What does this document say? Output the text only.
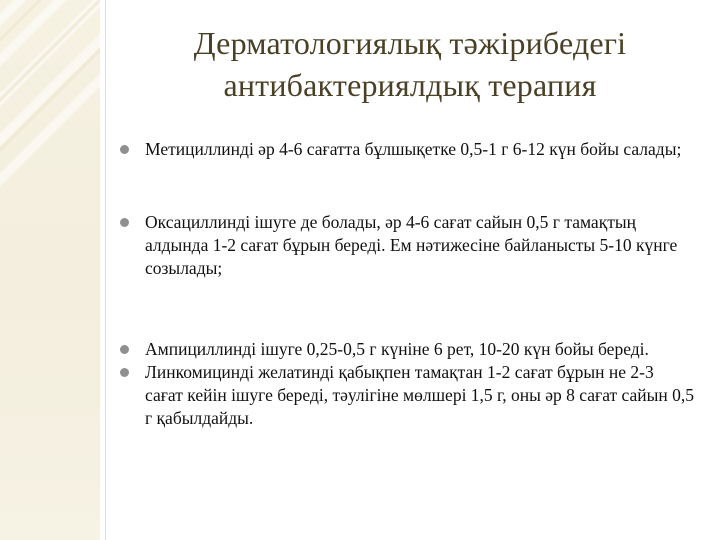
Дерматологиялық тәжірибедегі
антибактериялдық терапия
Метициллинді әр 4-6 сағатта бұлшықетке 0,5-1 г 6-12 күн бойы салады;
Оксациллинді ішуге де болады, әр 4-6 сағат сайын 0,5 г тамақтың алдында 1-2 сағат бұрын береді. Ем нәтижесіне байланысты 5-10 күнге созылады;
Ампициллинді ішуге 0,25-0,5 г күніне 6 рет, 10-20 күн бойы береді.
Линкомицинді желатинді қабықпен тамақтан 1-2 сағат бұрын не 2-3 сағат кейін ішуге береді, тәулігіне мөлшері 1,5 г, оны әр 8 сағат сайын 0,5 г қабылдайды.
